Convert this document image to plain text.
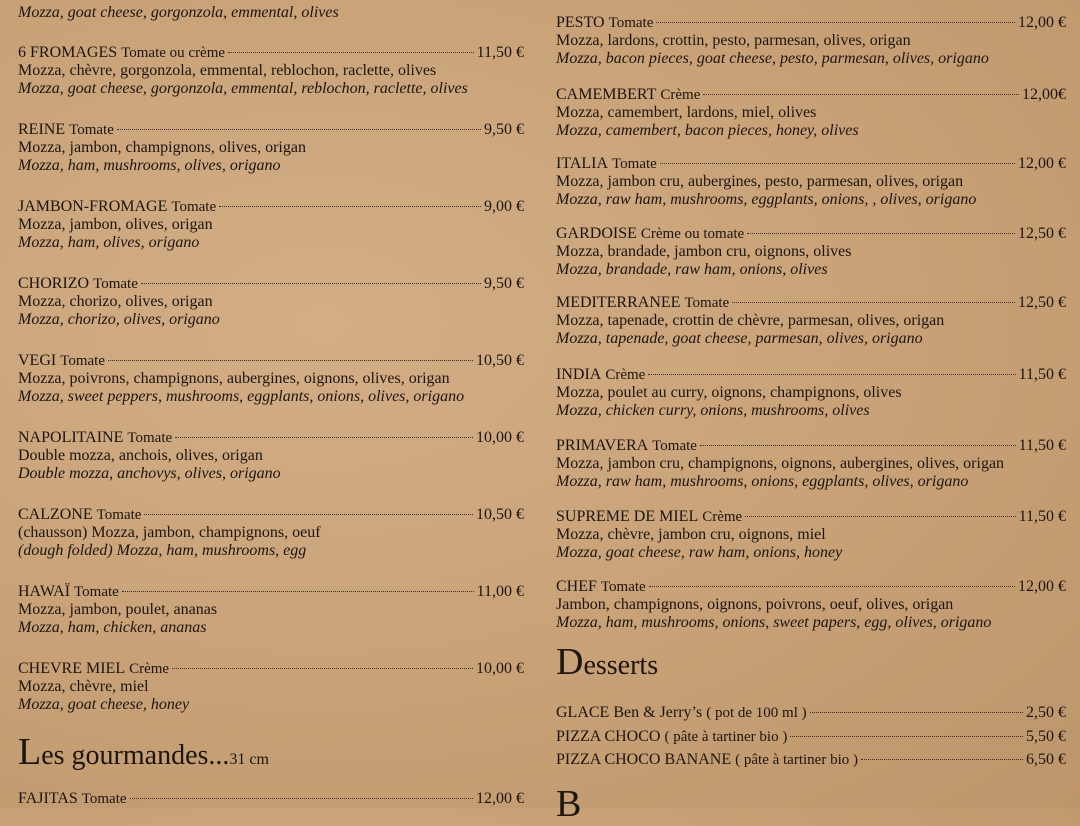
Mozza, goat cheese, gorgonzola, emmental, olives
6 FROMAGES Tomate ou crème	11,50 €
Mozza, chèvre, gorgonzola, emmental, reblochon, raclette, olives
Mozza, goat cheese, gorgonzola, emmental, reblochon, raclette, olives
REINE Tomate	9,50 €
Mozza, jambon, champignons, olives, origan
Mozza, ham, mushrooms, olives, origano
JAMBON-FROMAGE Tomate	9,00 €
Mozza, jambon, olives, origan
Mozza, ham, olives, origano
CHORIZO Tomate	9,50 €
Mozza, chorizo, olives, origan
Mozza, chorizo, olives, origano
VEGI Tomate	10,50 €
Mozza, poivrons, champignons, aubergines, oignons, olives, origan
Mozza, sweet peppers, mushrooms, eggplants, onions, olives, origano
NAPOLITAINE Tomate	10,00 €
Double mozza, anchois, olives, origan
Double mozza, anchovys, olives, origano
CALZONE Tomate	10,50 €
(chausson) Mozza, jambon, champignons, oeuf
(dough folded) Mozza, ham, mushrooms, egg
HAWAÏ Tomate	11,00 €
Mozza, jambon, poulet, ananas
Mozza, ham, chicken, ananas
CHEVRE MIEL Crème	10,00 €
Mozza, chèvre, miel
Mozza, goat cheese, honey
Les gourmandes...31 cm
FAJITAS Tomate	12,00 €
PESTO Tomate	12,00 €
Mozza, lardons, crottin, pesto, parmesan, olives, origan
Mozza, bacon pieces, goat cheese, pesto, parmesan, olives, origano
CAMEMBERT Crème	12,00€
Mozza, camembert, lardons, miel, olives
Mozza, camembert, bacon pieces, honey, olives
ITALIA Tomate	12,00 €
Mozza, jambon cru, aubergines, pesto, parmesan, olives, origan
Mozza, raw ham, mushrooms, eggplants, onions, , olives, origano
GARDOISE Crème ou tomate	12,50 €
Mozza, brandade, jambon cru, oignons, olives
Mozza, brandade, raw ham, onions, olives
MEDITERRANEE Tomate	12,50 €
Mozza, tapenade, crottin de chèvre, parmesan, olives, origan
Mozza, tapenade, goat cheese, parmesan, olives, origano
INDIA Crème	11,50 €
Mozza, poulet au curry, oignons, champignons, olives
Mozza, chicken curry, onions, mushrooms, olives
PRIMAVERA Tomate	11,50 €
Mozza, jambon cru, champignons, oignons, aubergines, olives, origan
Mozza, raw ham, mushrooms, onions, eggplants, olives, origano
SUPREME DE MIEL Crème	11,50 €
Mozza, chèvre, jambon cru, oignons, miel
Mozza, goat cheese, raw ham, onions, honey
CHEF Tomate	12,00 €
Jambon, champignons, oignons, poivrons, oeuf, olives, origan
Mozza, ham, mushrooms, onions, sweet papers, egg, olives, origano
Desserts
GLACE Ben & Jerry’s ( pot de 100 ml )	2,50 €
PIZZA CHOCO ( pâte à tartiner bio )	5,50 €
PIZZA CHOCO BANANE ( pâte à tartiner bio )	6,50 €
B
